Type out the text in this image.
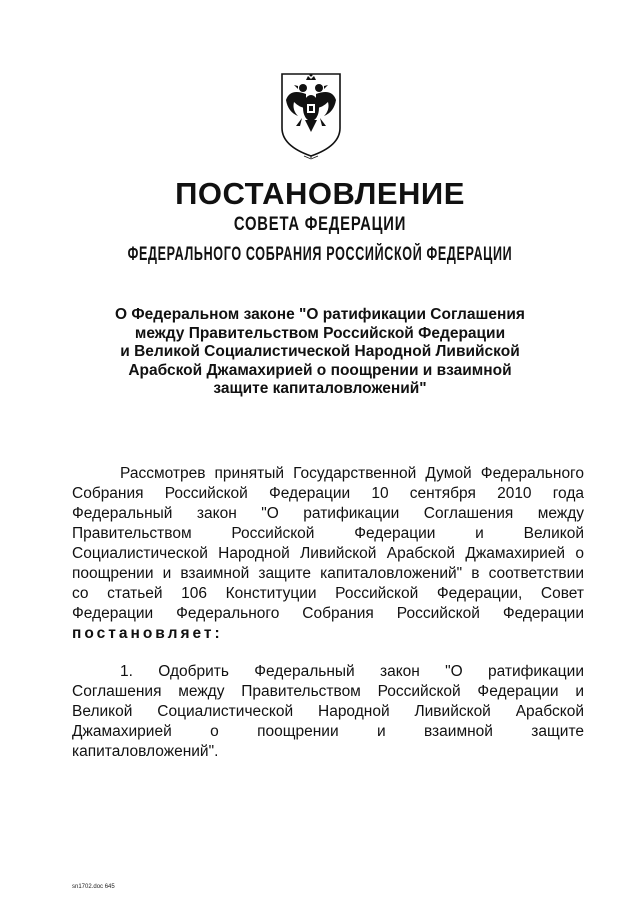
ПОСТАНОВЛЕНИЕ
СОВЕТА ФЕДЕРАЦИИ
ФЕДЕРАЛЬНОГО СОБРАНИЯ РОССИЙСКОЙ ФЕДЕРАЦИИ
О Федеральном законе "О ратификации Соглашения
между Правительством Российской Федерации
и Великой Социалистической Народной Ливийской
Арабской Джамахирией о поощрении и взаимной
защите капиталовложений"
Рассмотрев принятый Государственной Думой Федерального
Собрания Российской Федерации 10 сентября 2010 года
Федеральный закон "О ратификации Соглашения между
Правительством Российской Федерации и Великой
Социалистической Народной Ливийской Арабской Джамахирией о
поощрении и взаимной защите капиталовложений" в соответствии
со статьей 106 Конституции Российской Федерации, Совет
Федерации Федерального Собрания Российской Федерации
постановляет:
1. Одобрить Федеральный закон "О ратификации
Соглашения между Правительством Российской Федерации и
Великой Социалистической Народной Ливийской Арабской
Джамахирией о поощрении и взаимной защите
капиталовложений".
sn1702.doc 645
